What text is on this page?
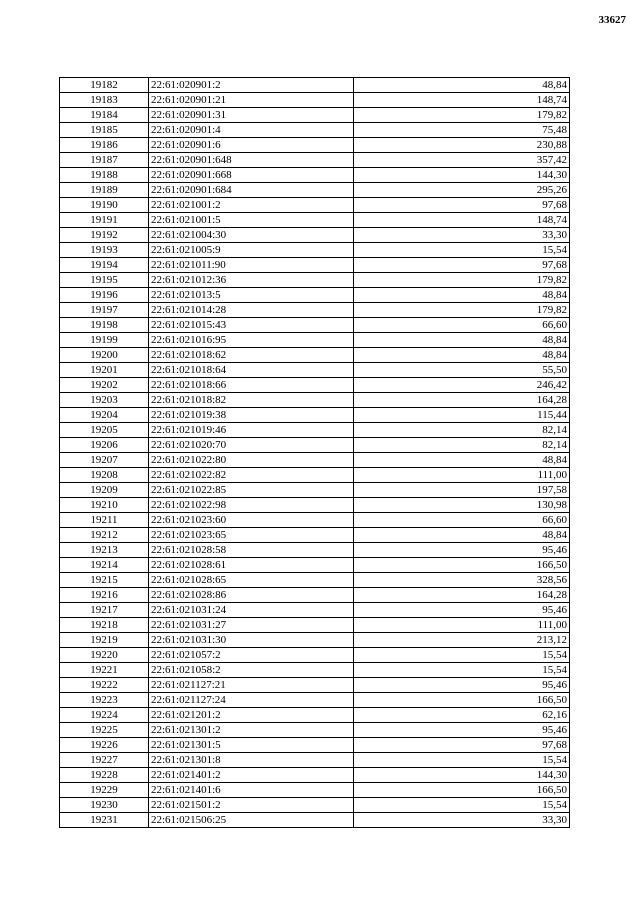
33627
19182	22:61:020901:2	48,84
19183	22:61:020901:21	148,74
19184	22:61:020901:31	179,82
19185	22:61:020901:4	75,48
19186	22:61:020901:6	230,88
19187	22:61:020901:648	357,42
19188	22:61:020901:668	144,30
19189	22:61:020901:684	295,26
19190	22:61:021001:2	97,68
19191	22:61:021001:5	148,74
19192	22:61:021004:30	33,30
19193	22:61:021005:9	15,54
19194	22:61:021011:90	97,68
19195	22:61:021012:36	179,82
19196	22:61:021013:5	48,84
19197	22:61:021014:28	179,82
19198	22:61:021015:43	66,60
19199	22:61:021016:95	48,84
19200	22:61:021018:62	48,84
19201	22:61:021018:64	55,50
19202	22:61:021018:66	246,42
19203	22:61:021018:82	164,28
19204	22:61:021019:38	115,44
19205	22:61:021019:46	82,14
19206	22:61:021020:70	82,14
19207	22:61:021022:80	48,84
19208	22:61:021022:82	111,00
19209	22:61:021022:85	197,58
19210	22:61:021022:98	130,98
19211	22:61:021023:60	66,60
19212	22:61:021023:65	48,84
19213	22:61:021028:58	95,46
19214	22:61:021028:61	166,50
19215	22:61:021028:65	328,56
19216	22:61:021028:86	164,28
19217	22:61:021031:24	95,46
19218	22:61:021031:27	111,00
19219	22:61:021031:30	213,12
19220	22:61:021057:2	15,54
19221	22:61:021058:2	15,54
19222	22:61:021127:21	95,46
19223	22:61:021127:24	166,50
19224	22:61:021201:2	62,16
19225	22:61:021301:2	95,46
19226	22:61:021301:5	97,68
19227	22:61:021301:8	15,54
19228	22:61:021401:2	144,30
19229	22:61:021401:6	166,50
19230	22:61:021501:2	15,54
19231	22:61:021506:25	33,30
